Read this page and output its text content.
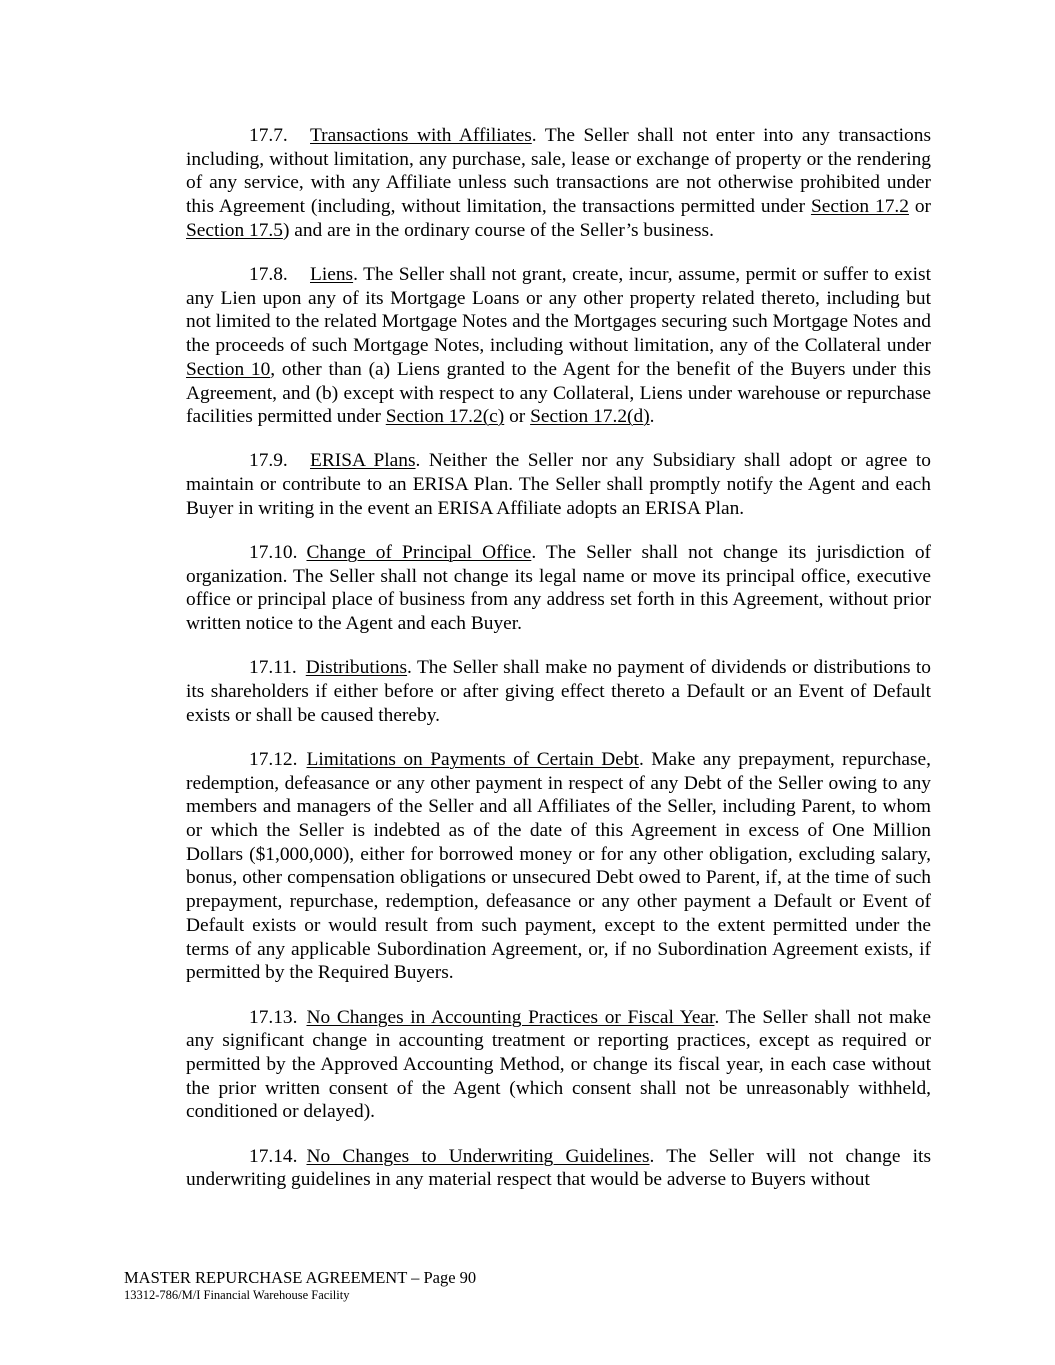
17.7. Transactions with Affiliates. The Seller shall not enter into any transactions including, without limitation, any purchase, sale, lease or exchange of property or the rendering of any service, with any Affiliate unless such transactions are not otherwise prohibited under this Agreement (including, without limitation, the transactions permitted under Section 17.2 or Section 17.5) and are in the ordinary course of the Seller’s business.

17.8. Liens. The Seller shall not grant, create, incur, assume, permit or suffer to exist any Lien upon any of its Mortgage Loans or any other property related thereto, including but not limited to the related Mortgage Notes and the Mortgages securing such Mortgage Notes and the proceeds of such Mortgage Notes, including without limitation, any of the Collateral under Section 10, other than (a) Liens granted to the Agent for the benefit of the Buyers under this Agreement, and (b) except with respect to any Collateral, Liens under warehouse or repurchase facilities permitted under Section 17.2(c) or Section 17.2(d).

17.9. ERISA Plans. Neither the Seller nor any Subsidiary shall adopt or agree to maintain or contribute to an ERISA Plan. The Seller shall promptly notify the Agent and each Buyer in writing in the event an ERISA Affiliate adopts an ERISA Plan.

17.10. Change of Principal Office. The Seller shall not change its jurisdiction of organization. The Seller shall not change its legal name or move its principal office, executive office or principal place of business from any address set forth in this Agreement, without prior written notice to the Agent and each Buyer.

17.11. Distributions. The Seller shall make no payment of dividends or distributions to its shareholders if either before or after giving effect thereto a Default or an Event of Default exists or shall be caused thereby.

17.12. Limitations on Payments of Certain Debt. Make any prepayment, repurchase, redemption, defeasance or any other payment in respect of any Debt of the Seller owing to any members and managers of the Seller and all Affiliates of the Seller, including Parent, to whom or which the Seller is indebted as of the date of this Agreement in excess of One Million Dollars ($1,000,000), either for borrowed money or for any other obligation, excluding salary, bonus, other compensation obligations or unsecured Debt owed to Parent, if, at the time of such prepayment, repurchase, redemption, defeasance or any other payment a Default or Event of Default exists or would result from such payment, except to the extent permitted under the terms of any applicable Subordination Agreement, or, if no Subordination Agreement exists, if permitted by the Required Buyers.

17.13. No Changes in Accounting Practices or Fiscal Year. The Seller shall not make any significant change in accounting treatment or reporting practices, except as required or permitted by the Approved Accounting Method, or change its fiscal year, in each case without the prior written consent of the Agent (which consent shall not be unreasonably withheld, conditioned or delayed).

17.14. No Changes to Underwriting Guidelines. The Seller will not change its underwriting guidelines in any material respect that would be adverse to Buyers without

MASTER REPURCHASE AGREEMENT – Page 90
13312-786/M/I Financial Warehouse Facility
